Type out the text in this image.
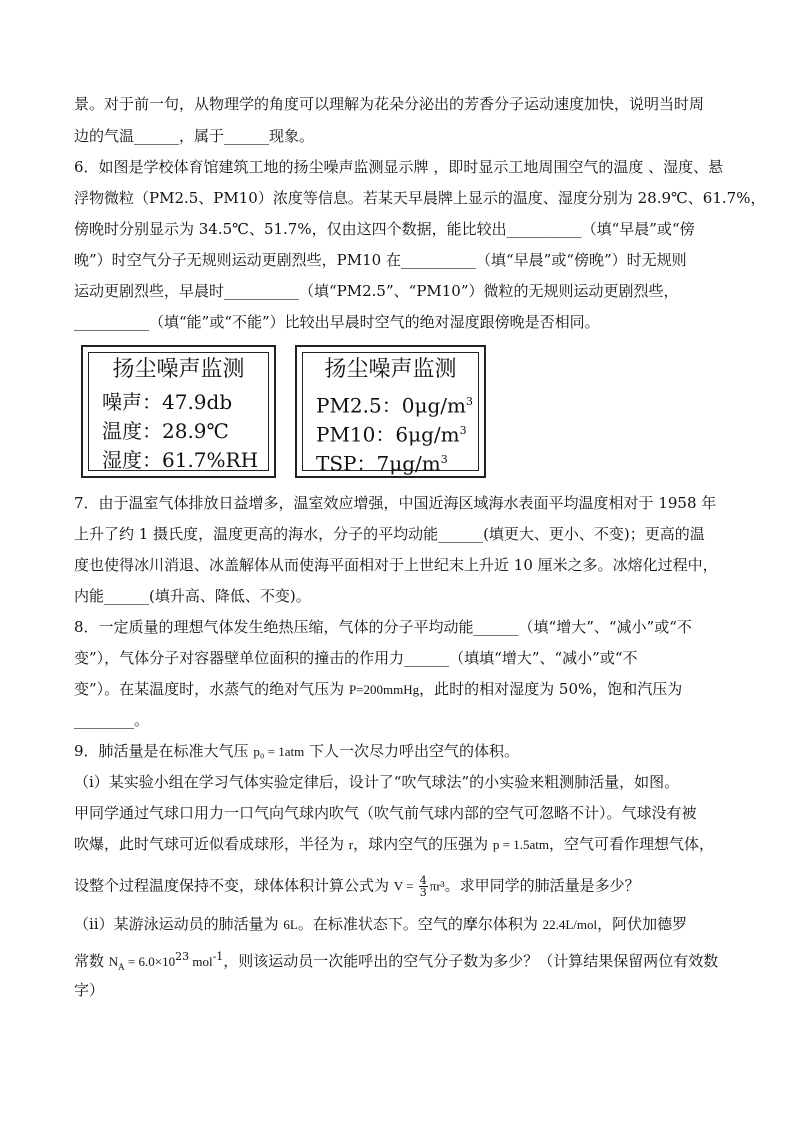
景。对于前一句，从物理学的角度可以理解为花朵分泌出的芳香分子运动速度加快，说明当时周
边的气温______，属于______现象。
6．如图是学校体育馆建筑工地的扬尘噪声监测显示牌 ，即时显示工地周围空气的温度 、湿度、悬
浮物微粒（PM2.5、PM10）浓度等信息。若某天早晨牌上显示的温度、湿度分别为 28.9℃、61.7%，
傍晚时分别显示为 34.5℃、51.7%，仅由这四个数据，能比较出__________（填“早晨”或“傍
晚”）时空气分子无规则运动更剧烈些，PM10 在__________（填“早晨”或“傍晚”）时无规则
运动更剧烈些，早晨时__________（填“PM2.5”、“PM10”）微粒的无规则运动更剧烈些，
__________（填“能”或“不能”）比较出早晨时空气的绝对湿度跟傍晚是否相同。
扬尘噪声监测
噪声：47.9db
温度：28.9℃
湿度：61.7%RH
扬尘噪声监测
PM2.5：$0\mu g/m^3$
PM10：$6\mu g/m^3$
TSP：$7\mu g/m^3$
7．由于温室气体排放日益增多，温室效应增强，中国近海区域海水表面平均温度相对于 1958 年
上升了约 1 摄氏度，温度更高的海水，分子的平均动能______(填更大、更小、不变)；更高的温
度也使得冰川消退、冰盖解体从而使海平面相对于上世纪末上升近 10 厘米之多。冰熔化过程中，
内能______(填升高、降低、不变)。
8．一定质量的理想气体发生绝热压缩，气体的分子平均动能______（填“增大”、“减小”或“不
变”），气体分子对容器壁单位面积的撞击的作用力______（填填“增大”、“减小”或“不
变”）。在某温度时，水蒸气的绝对气压为 P=200mmHg，此时的相对湿度为 50%，饱和汽压为
________。
9．肺活量是在标准大气压 p₀ = 1atm 下人一次尽力呼出空气的体积。
（ⅰ）某实验小组在学习气体实验定律后，设计了“吹气球法”的小实验来粗测肺活量，如图。
甲同学通过气球口用力一口气向气球内吹气（吹气前气球内部的空气可忽略不计）。气球没有被
吹爆，此时气球可近似看成球形，半径为 r，球内空气的压强为 p = 1.5atm，空气可看作理想气体，
设整个过程温度保持不变，球体体积计算公式为 $V = \frac{4}{3} \pi r^3$。求甲同学的肺活量是多少？
（ⅱ）某游泳运动员的肺活量为 6L。在标准状态下。空气的摩尔体积为 22.4L/mol，阿伏加德罗
常数 $N_A = 6.0\times 10^{23}$ mol$^{-1}$，则该运动员一次能呼出的空气分子数为多少？（计算结果保留两位有效数
字）
